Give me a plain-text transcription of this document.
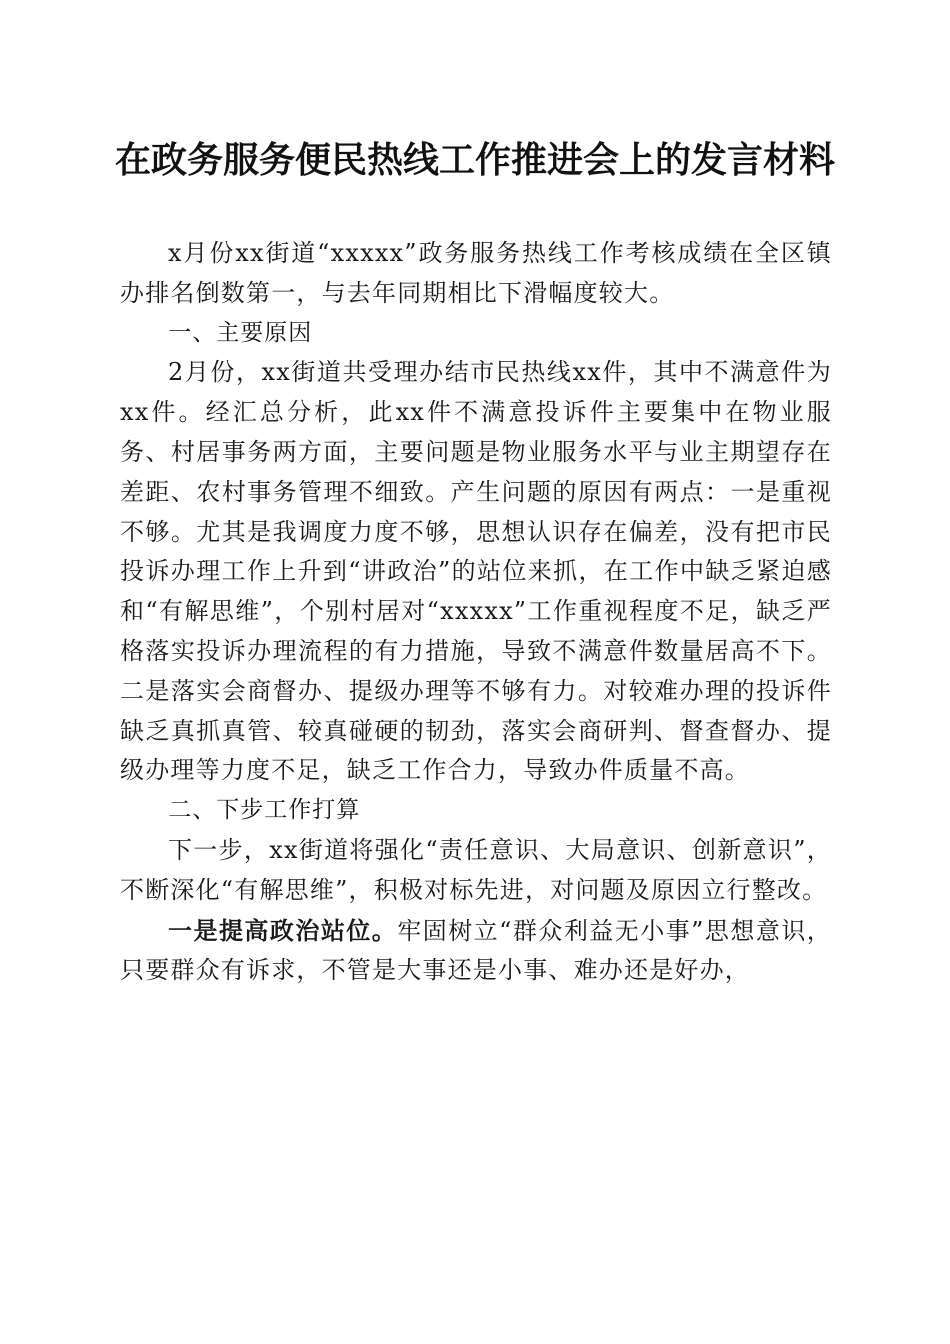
在政务服务便民热线工作推进会上的发言材料

x月份xx街道“xxxxx”政务服务热线工作考核成绩在全区镇办排名倒数第一，与去年同期相比下滑幅度较大。

一、主要原因

2月份，xx街道共受理办结市民热线xx件，其中不满意件为xx件。经汇总分析，此xx件不满意投诉件主要集中在物业服务、村居事务两方面，主要问题是物业服务水平与业主期望存在差距、农村事务管理不细致。产生问题的原因有两点：一是重视不够。尤其是我调度力度不够，思想认识存在偏差，没有把市民投诉办理工作上升到“讲政治”的站位来抓，在工作中缺乏紧迫感和“有解思维”，个别村居对“xxxxx”工作重视程度不足，缺乏严格落实投诉办理流程的有力措施，导致不满意件数量居高不下。二是落实会商督办、提级办理等不够有力。对较难办理的投诉件缺乏真抓真管、较真碰硬的韧劲，落实会商研判、督查督办、提级办理等力度不足，缺乏工作合力，导致办件质量不高。

二、下步工作打算

下一步，xx街道将强化“责任意识、大局意识、创新意识”，不断深化“有解思维”，积极对标先进，对问题及原因立行整改。

一是提高政治站位。牢固树立“群众利益无小事”思想意识，只要群众有诉求，不管是大事还是小事、难办还是好办，
